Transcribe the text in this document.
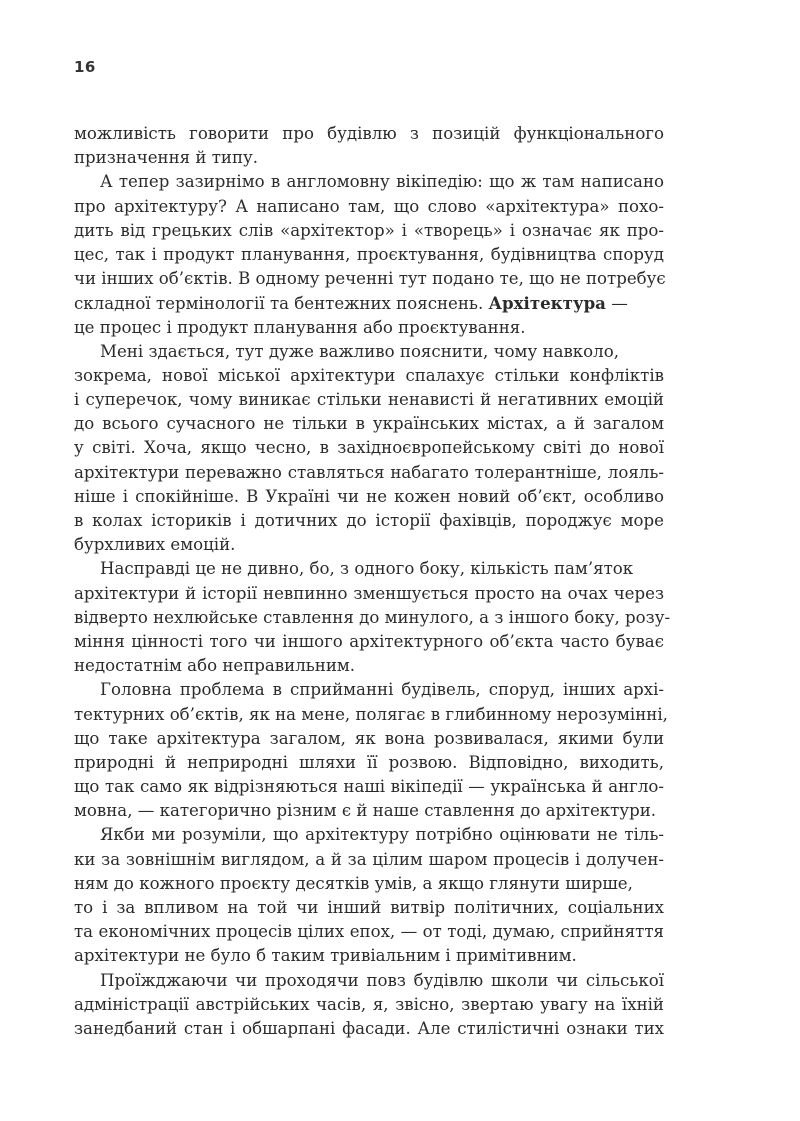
16
можливість говорити про будівлю з позицій функціонального
призначення й типу.
А тепер зазирнімо в англомовну вікіпедію: що ж там написано
про архітектуру? А написано там, що слово «архітектура» похо-
дить від грецьких слів «архітектор» і «творець» і означає як про-
цес, так і продукт планування, проєктування, будівництва споруд
чи інших об’єктів. В одному реченні тут подано те, що не потребує
складної термінології та бентежних пояснень. Архітектура —
це процес і продукт планування або проєктування.
Мені здається, тут дуже важливо пояснити, чому навколо,
зокрема, нової міської архітектури спалахує стільки конфліктів
і суперечок, чому виникає стільки ненависті й негативних емоцій
до всього сучасного не тільки в українських містах, а й загалом
у світі. Хоча, якщо чесно, в західноєвропейському світі до нової
архітектури переважно ставляться набагато толерантніше, лояль-
ніше і спокійніше. В Україні чи не кожен новий об’єкт, особливо
в колах істориків і дотичних до історії фахівців, породжує море
бурхливих емоцій.
Насправді це не дивно, бо, з одного боку, кількість пам’яток
архітектури й історії невпинно зменшується просто на очах через
відверто нехлюйське ставлення до минулого, а з іншого боку, розу-
міння цінності того чи іншого архітектурного об’єкта часто буває
недостатнім або неправильним.
Головна проблема в сприйманні будівель, споруд, інших архі-
тектурних об’єктів, як на мене, полягає в глибинному нерозумінні,
що таке архітектура загалом, як вона розвивалася, якими були
природні й неприродні шляхи її розвою. Відповідно, виходить,
що так само як відрізняються наші вікіпедії — українська й англо-
мовна, — категорично різним є й наше ставлення до архітектури.
Якби ми розуміли, що архітектуру потрібно оцінювати не тіль-
ки за зовнішнім виглядом, а й за цілим шаром процесів і долучен-
ням до кожного проєкту десятків умів, а якщо глянути ширше,
то і за впливом на той чи інший витвір політичних, соціальних
та економічних процесів цілих епох, — от тоді, думаю, сприйняття
архітектури не було б таким тривіальним і примітивним.
Проїжджаючи чи проходячи повз будівлю школи чи сільської
адміністрації австрійських часів, я, звісно, звертаю увагу на їхній
занедбаний стан і обшарпані фасади. Але стилістичні ознаки тих
